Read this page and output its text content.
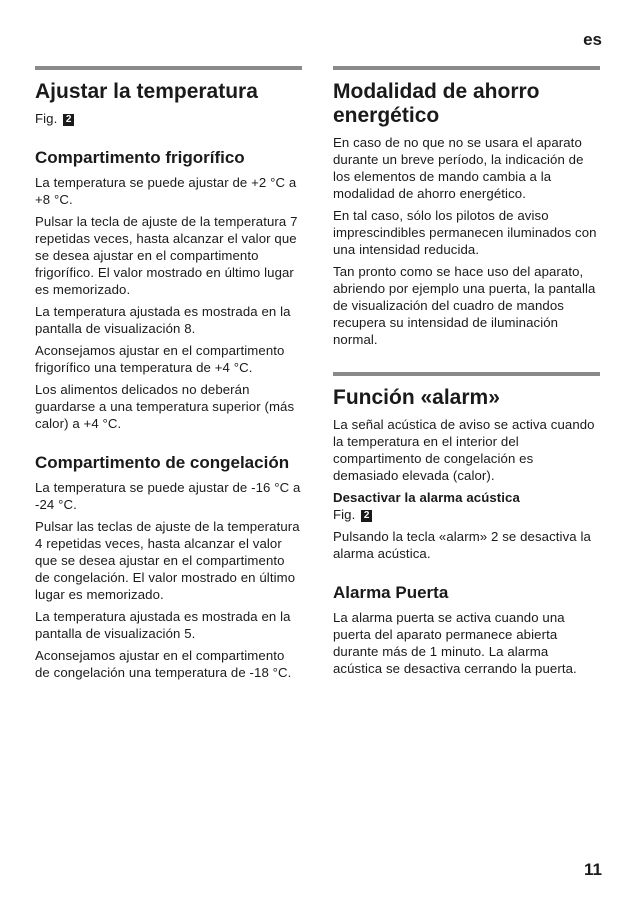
es
Ajustar la temperatura

Fig. 2

Compartimento frigorífico

La temperatura se puede ajustar de +2 °C a +8 °C.

Pulsar la tecla de ajuste de la temperatura 7 repetidas veces, hasta alcanzar el valor que se desea ajustar en el compartimento frigorífico. El valor mostrado en último lugar es memorizado.

La temperatura ajustada es mostrada en la pantalla de visualización 8.

Aconsejamos ajustar en el compartimento frigorífico una temperatura de +4 °C.

Los alimentos delicados no deberán guardarse a una temperatura superior (más calor) a +4 °C.

Compartimento de congelación

La temperatura se puede ajustar de -16 °C a -24 °C.

Pulsar las teclas de ajuste de la temperatura 4 repetidas veces, hasta alcanzar el valor que se desea ajustar en el compartimento de congelación. El valor mostrado en último lugar es memorizado.

La temperatura ajustada es mostrada en la pantalla de visualización 5.

Aconsejamos ajustar en el compartimento de congelación una temperatura de -18 °C.

Modalidad de ahorro energético

En caso de no que no se usara el aparato durante un breve período, la indicación de los elementos de mando cambia a la modalidad de ahorro energético.

En tal caso, sólo los pilotos de aviso imprescindibles permanecen iluminados con una intensidad reducida.

Tan pronto como se hace uso del aparato, abriendo por ejemplo una puerta, la pantalla de visualización del cuadro de mandos recupera su intensidad de iluminación normal.

Función «alarm»

La señal acústica de aviso se activa cuando la temperatura en el interior del compartimento de congelación es demasiado elevada (calor).

Desactivar la alarma acústica

Fig. 2

Pulsando la tecla «alarm» 2 se desactiva la alarma acústica.

Alarma Puerta

La alarma puerta se activa cuando una puerta del aparato permanece abierta durante más de 1 minuto. La alarma acústica se desactiva cerrando la puerta.

11
